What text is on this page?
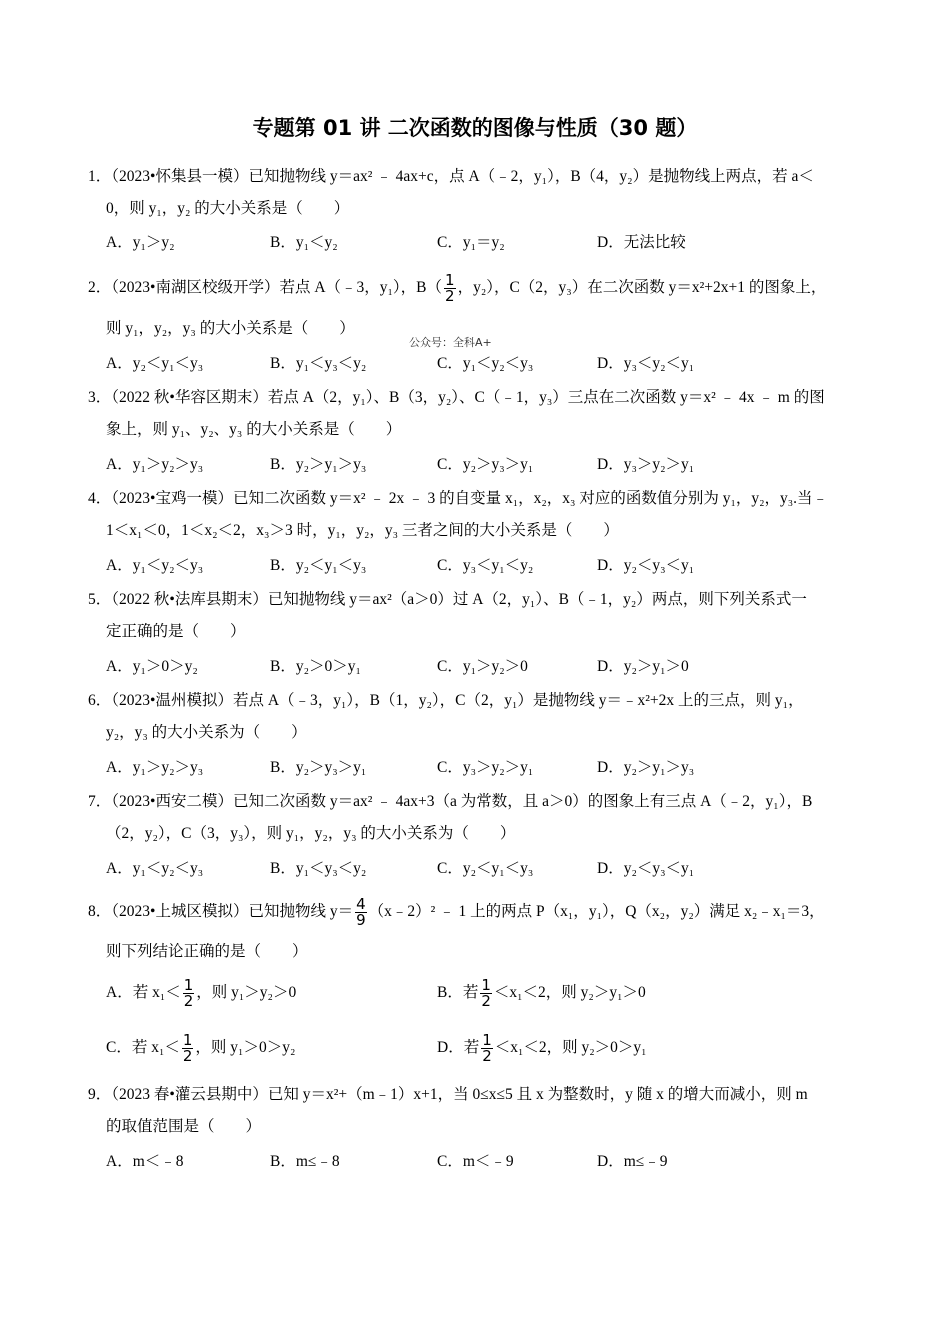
专题第 01 讲 二次函数的图像与性质（30 题）
1．（2023•怀集县一模）已知抛物线 y＝ax² ﹣ 4ax+c，点 A（﹣2，y₁），B（4，y₂）是抛物线上两点，若 a＜
0，则 y₁，y₂ 的大小关系是（　　）
A．y₁＞y₂	B．y₁＜y₂	C．y₁＝y₂	D．无法比较
2．（2023•南湖区校级开学）若点 A（﹣3，y₁），$B( \frac{1}{2}$ ，y₂），C（2，y₃）在二次函数 y＝x²+2x+1 的图象上，
则 y₁，y₂，y₃ 的大小关系是（　　）
公众号：全科A+
A．y₂＜y₁＜y₃	B．y₁＜y₃＜y₂	C．y₁＜y₂＜y₃	D．y₃＜y₂＜y₁
3．（2022 秋•华容区期末）若点 A（2，y₁）、B（3，y₂）、C（﹣1，y₃）三点在二次函数 y＝x² ﹣ 4x ﹣ m 的图
象上，则 y₁、y₂、y₃ 的大小关系是（　　）
A．y₁＞y₂＞y₃	B．y₂＞y₁＞y₃	C．y₂＞y₃＞y₁	D．y₃＞y₂＞y₁
4．（2023•宝鸡一模）已知二次函数 y＝x² ﹣ 2x ﹣ 3 的自变量 x₁，x₂，x₃ 对应的函数值分别为 y₁，y₂，y₃.当﹣
1＜x₁＜0，1＜x₂＜2，x₃＞3 时，y₁，y₂，y₃ 三者之间的大小关系是（　　）
A．y₁＜y₂＜y₃	B．y₂＜y₁＜y₃	C．y₃＜y₁＜y₂	D．y₂＜y₃＜y₁
5．（2022 秋•法库县期末）已知抛物线 y＝ax²（a＞0）过 A（2，y₁）、B（﹣1，y₂）两点，则下列关系式一
定正确的是（　　）
A．y₁＞0＞y₂	B．y₂＞0＞y₁	C．y₁＞y₂＞0	D．y₂＞y₁＞0
6．（2023•温州模拟）若点 A（﹣3，y₁），B（1，y₂），C（2，y₁）是抛物线 y＝﹣x²+2x 上的三点，则 y₁，
y₂，y₃ 的大小关系为（　　）
A．y₁＞y₂＞y₃	B．y₂＞y₃＞y₁	C．y₃＞y₂＞y₁	D．y₂＞y₁＞y₃
7．（2023•西安二模）已知二次函数 y＝ax² ﹣ 4ax+3（a 为常数，且 a＞0）的图象上有三点 A（﹣2，y₁），B
（2，y₂），C（3，y₃），则 y₁，y₂，y₃ 的大小关系为（　　）
A．y₁＜y₂＜y₃	B．y₁＜y₃＜y₂	C．y₂＜y₁＜y₃	D．y₂＜y₃＜y₁
8．（2023•上城区模拟）已知抛物线 $y= \frac{4}{9}$ （x﹣2）² ﹣ 1 上的两点 P（x₁，y₁），Q（x₂，y₂）满足 x₂﹣x₁＝3，
则下列结论正确的是（　　）
A．若 $x_1< \frac{1}{2}$ ，则 y₁＞y₂＞0	B．若 $\frac{1}{2} <x_1<2$，则 y₂＞y₁＞0
C．若 $x_1< \frac{1}{2}$ ，则 y₁＞0＞y₂	D．若 $\frac{1}{2} <x_1<2$，则 y₂＞0＞y₁
9．（2023 春•灌云县期中）已知 y＝x²+（m﹣1）x+1，当 0≤x≤5 且 x 为整数时，y 随 x 的增大而减小，则 m
的取值范围是（　　）
A．m＜﹣8	B．m≤﹣8	C．m＜﹣9	D．m≤﹣9
